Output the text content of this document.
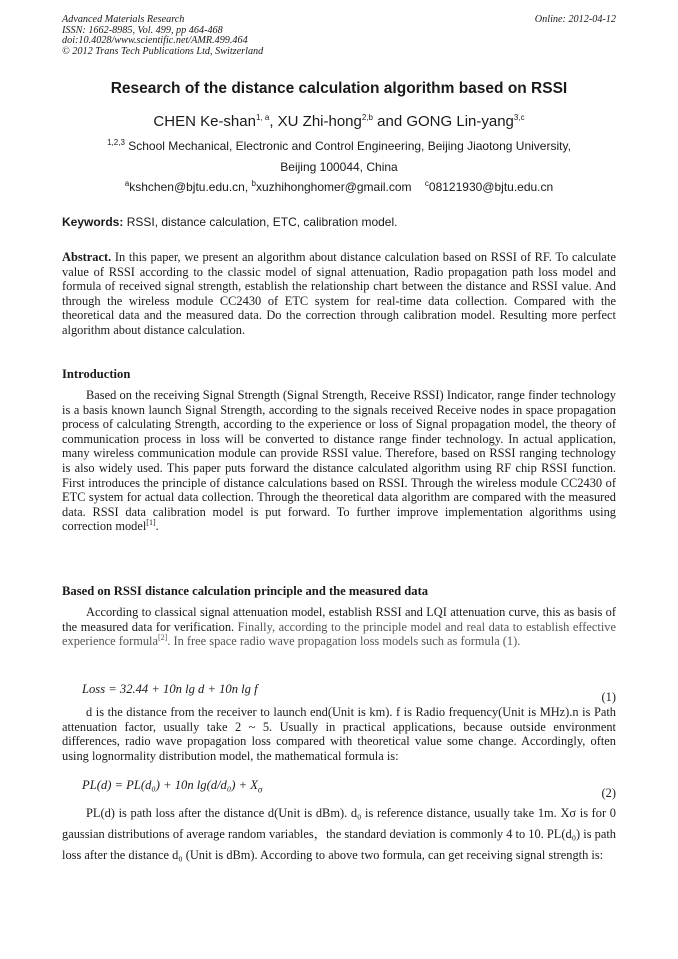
Advanced Materials Research
ISSN: 1662-8985, Vol. 499, pp 464-468
doi:10.4028/www.scientific.net/AMR.499.464
© 2012 Trans Tech Publications Ltd, Switzerland
Online: 2012-04-12
Research of the distance calculation algorithm based on RSSI
CHEN Ke-shan$^{1, a}$, XU Zhi-hong$^{2,b}$ and GONG Lin-yang$^{3,c}$
$^{1,2,3}$ School Mechanical, Electronic and Control Engineering, Beijing Jiaotong University,
Beijing 100044, China
$^a$kshchen@bjtu.edu.cn, $^b$xuzhihonghomer@gmail.com $^c$08121930@bjtu.edu.cn
Keywords: RSSI, distance calculation, ETC, calibration model.
Abstract. In this paper, we present an algorithm about distance calculation based on RSSI of RF. To calculate value of RSSI according to the classic model of signal attenuation, Radio propagation path loss model and formula of received signal strength, establish the relationship chart between the distance and RSSI value. And through the wireless module CC2430 of ETC system for real-time data collection. Compared with the theoretical data and the measured data. Do the correction through calibration model. Resulting more perfect algorithm about distance calculation.
Introduction
Based on the receiving Signal Strength (Signal Strength, Receive RSSI) Indicator, range finder technology is a basis known launch Signal Strength, according to the signals received Receive nodes in space propagation process of calculating Strength, according to the experience or loss of Signal propagation model, the theory of communication process in loss will be converted to distance range finder technology. In actual application, many wireless communication module can provide RSSI value. Therefore, based on RSSI ranging technology is also widely used. This paper puts forward the distance calculated algorithm using RF chip RSSI function. First introduces the principle of distance calculations based on RSSI. Through the wireless module CC2430 of ETC system for actual data collection. Through the theoretical data algorithm are compared with the measured data. RSSI data calibration model is put forward. To further improve implementation algorithms using correction model[1].
Based on RSSI distance calculation principle and the measured data
According to classical signal attenuation model, establish RSSI and LQI attenuation curve, this as basis of the measured data for verification. Finally, according to the principle model and real data to establish effective experience formula[2]. In free space radio wave propagation loss models such as formula (1).
Loss = 32.44 + 10n lg d + 10n lg f
(1)
d is the distance from the receiver to launch end(Unit is km). f is Radio frequency(Unit is MHz).n is Path attenuation factor, usually take 2 ~ 5. Usually in practical applications, because outside environment differences, radio wave propagation loss compared with theoretical value some change. Accordingly, often using lognormality distribution model, the mathematical formula is:
PL(d) = PL(d₀) + 10n $\lg(d/d_0) + X_\sigma$	(2)
PL(d) is path loss after the distance d(Unit is dBm). d₀ is reference distance, usually take 1m. Xσ is for 0 gaussian distributions of average random variables，the standard deviation is commonly 4 to 10. PL(d₀) is path loss after the distance d₀ (Unit is dBm). According to above two formula, can get receiving signal strength is:
